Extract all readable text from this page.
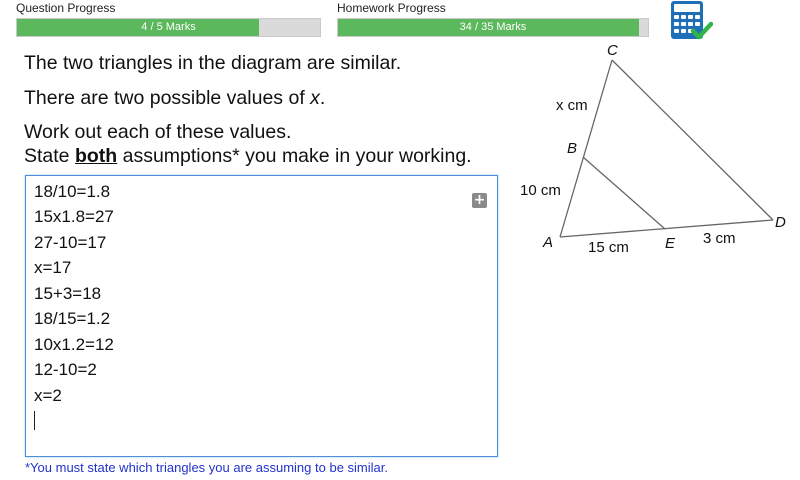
Question Progress
4 / 5 Marks
Homework Progress
34 / 35 Marks
The two triangles in the diagram are similar.
There are two possible values of x.
Work out each of these values.
State both assumptions* you make in your working.
18/10=1.8
15x1.8=27
27-10=17
x=17
15+3=18
18/15=1.2
10x1.2=12
12-10=2
x=2
+
*You must state which triangles you are assuming to be similar.
C
B
A	E
D
x cm
10 cm
15 cm
3 cm
